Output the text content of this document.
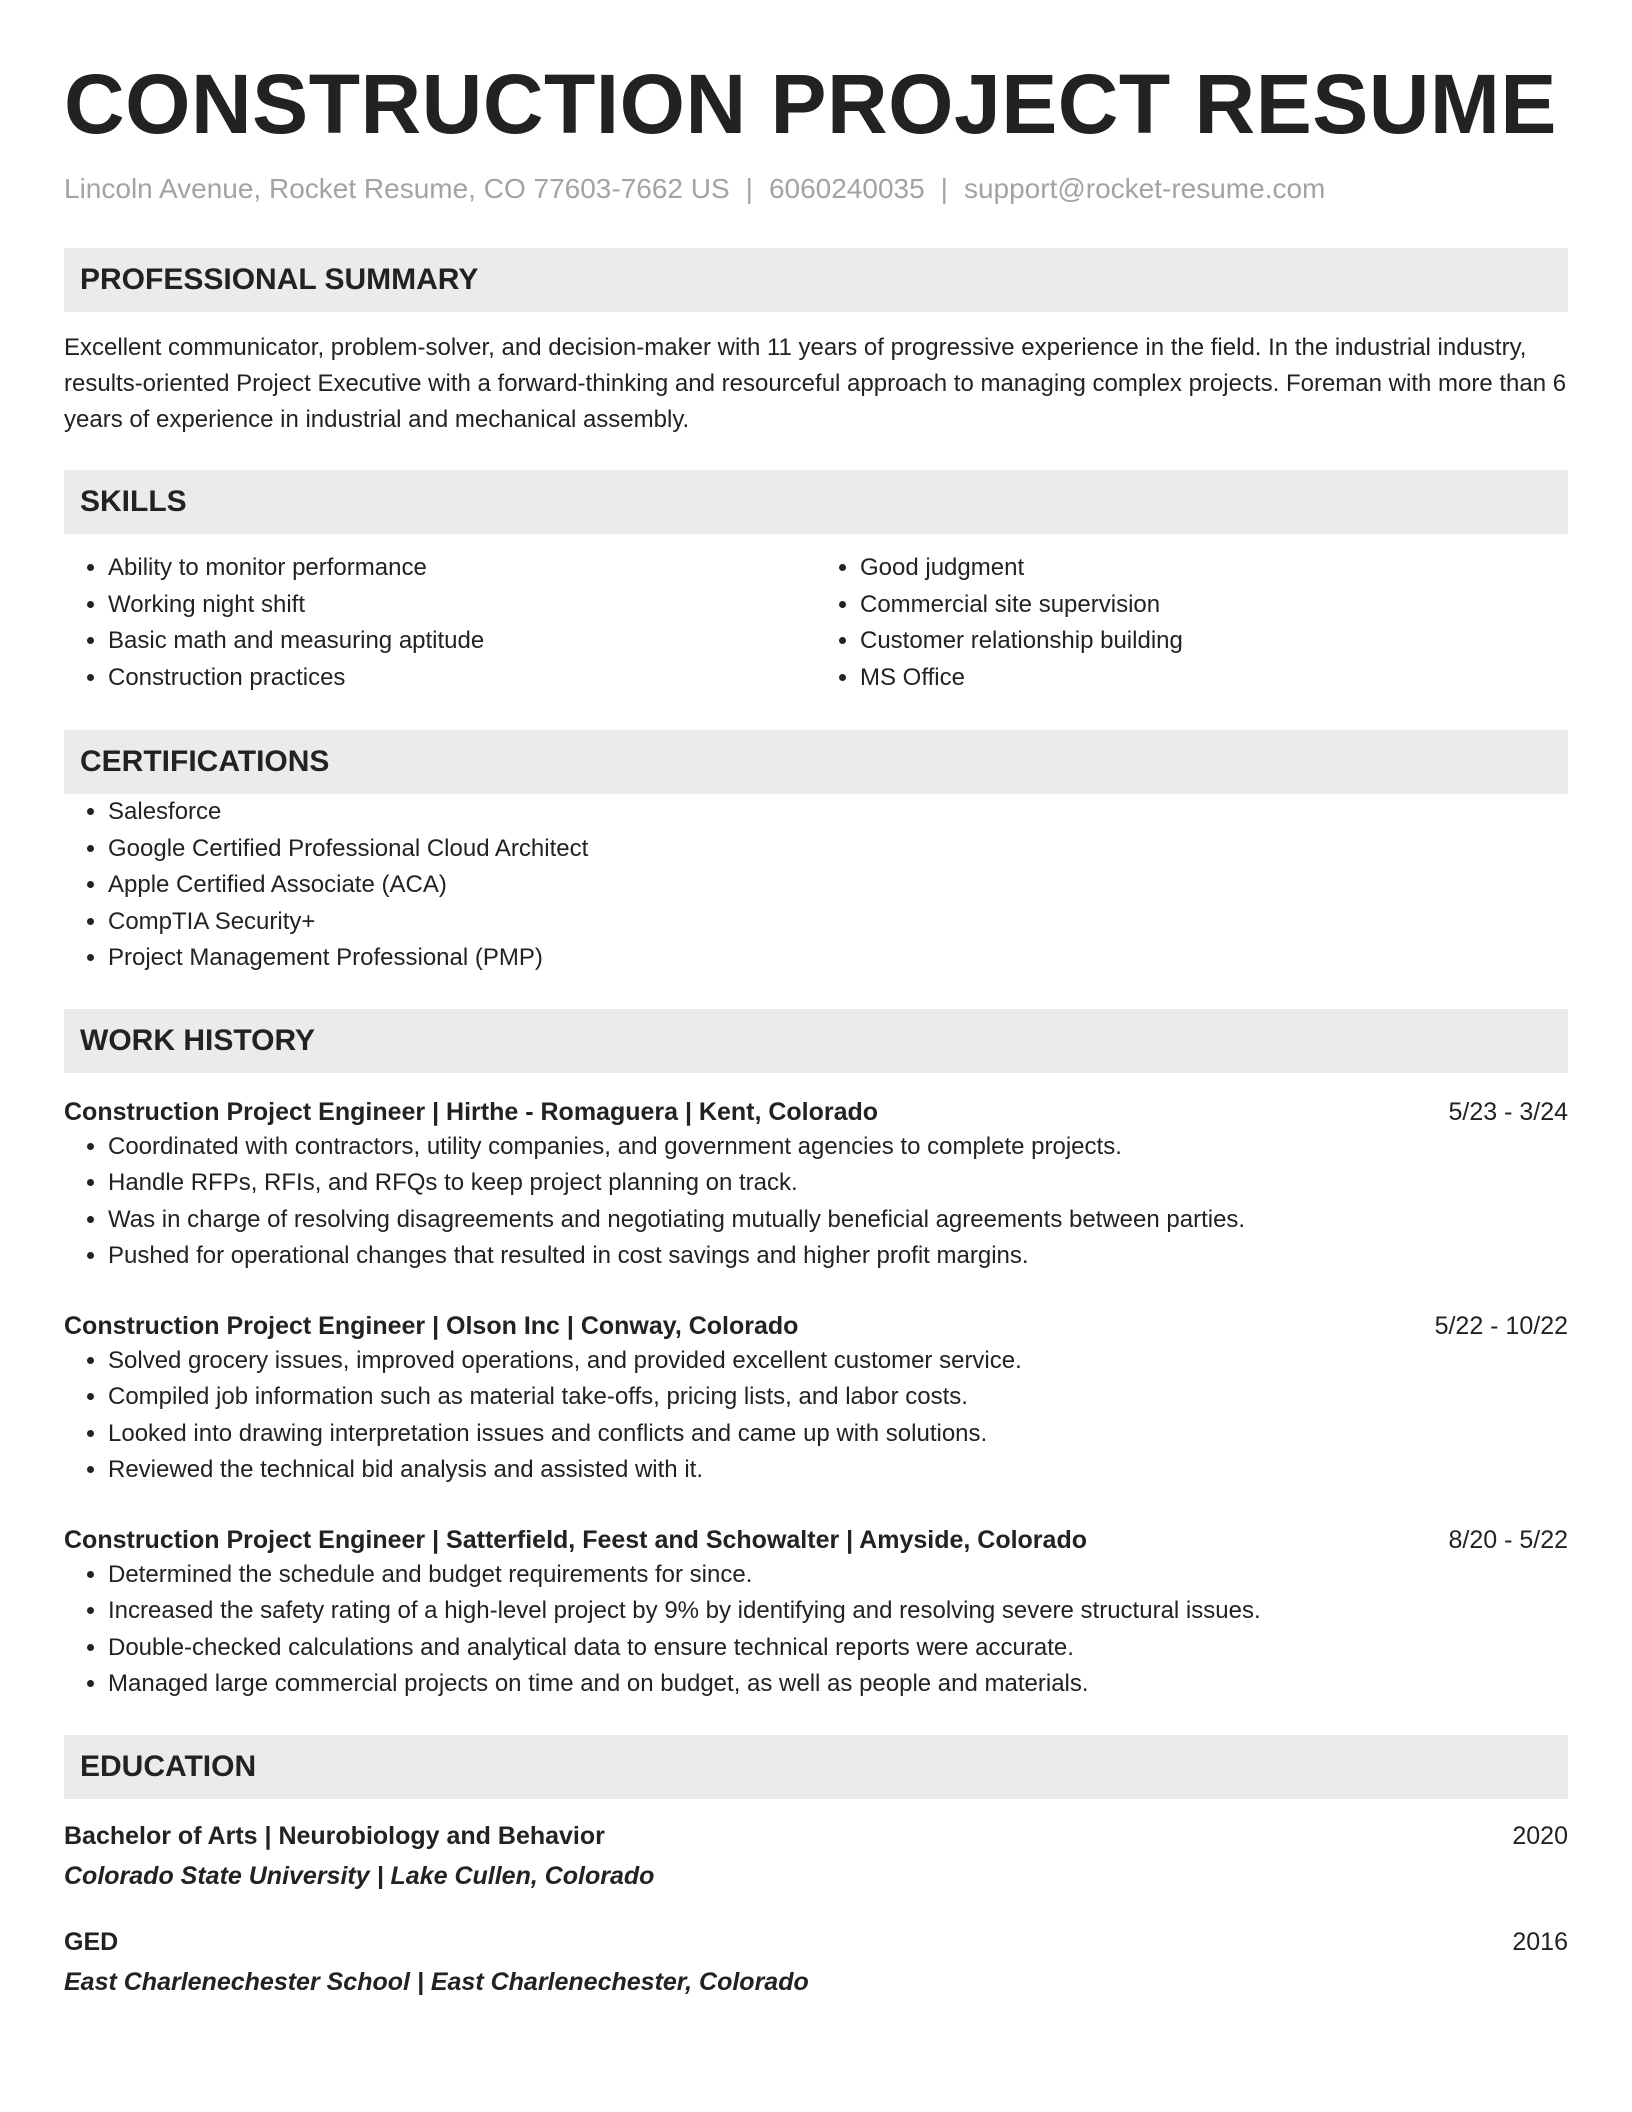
CONSTRUCTION PROJECT RESUME
Lincoln Avenue, Rocket Resume, CO 77603-7662 US | 6060240035 | support@rocket-resume.com
PROFESSIONAL SUMMARY
Excellent communicator, problem-solver, and decision-maker with 11 years of progressive experience in the field. In the industrial industry, results-oriented Project Executive with a forward-thinking and resourceful approach to managing complex projects. Foreman with more than 6 years of experience in industrial and mechanical assembly.
SKILLS
• Ability to monitor performance
• Working night shift
• Basic math and measuring aptitude
• Construction practices
• Good judgment
• Commercial site supervision
• Customer relationship building
• MS Office
CERTIFICATIONS
• Salesforce
• Google Certified Professional Cloud Architect
• Apple Certified Associate (ACA)
• CompTIA Security+
• Project Management Professional (PMP)
WORK HISTORY
Construction Project Engineer | Hirthe - Romaguera | Kent, Colorado	5/23 - 3/24
• Coordinated with contractors, utility companies, and government agencies to complete projects.
• Handle RFPs, RFIs, and RFQs to keep project planning on track.
• Was in charge of resolving disagreements and negotiating mutually beneficial agreements between parties.
• Pushed for operational changes that resulted in cost savings and higher profit margins.
Construction Project Engineer | Olson Inc | Conway, Colorado	5/22 - 10/22
• Solved grocery issues, improved operations, and provided excellent customer service.
• Compiled job information such as material take-offs, pricing lists, and labor costs.
• Looked into drawing interpretation issues and conflicts and came up with solutions.
• Reviewed the technical bid analysis and assisted with it.
Construction Project Engineer | Satterfield, Feest and Schowalter | Amyside, Colorado	8/20 - 5/22
• Determined the schedule and budget requirements for since.
• Increased the safety rating of a high-level project by 9% by identifying and resolving severe structural issues.
• Double-checked calculations and analytical data to ensure technical reports were accurate.
• Managed large commercial projects on time and on budget, as well as people and materials.
EDUCATION
Bachelor of Arts | Neurobiology and Behavior	2020
Colorado State University | Lake Cullen, Colorado
GED	2016
East Charlenechester School | East Charlenechester, Colorado
